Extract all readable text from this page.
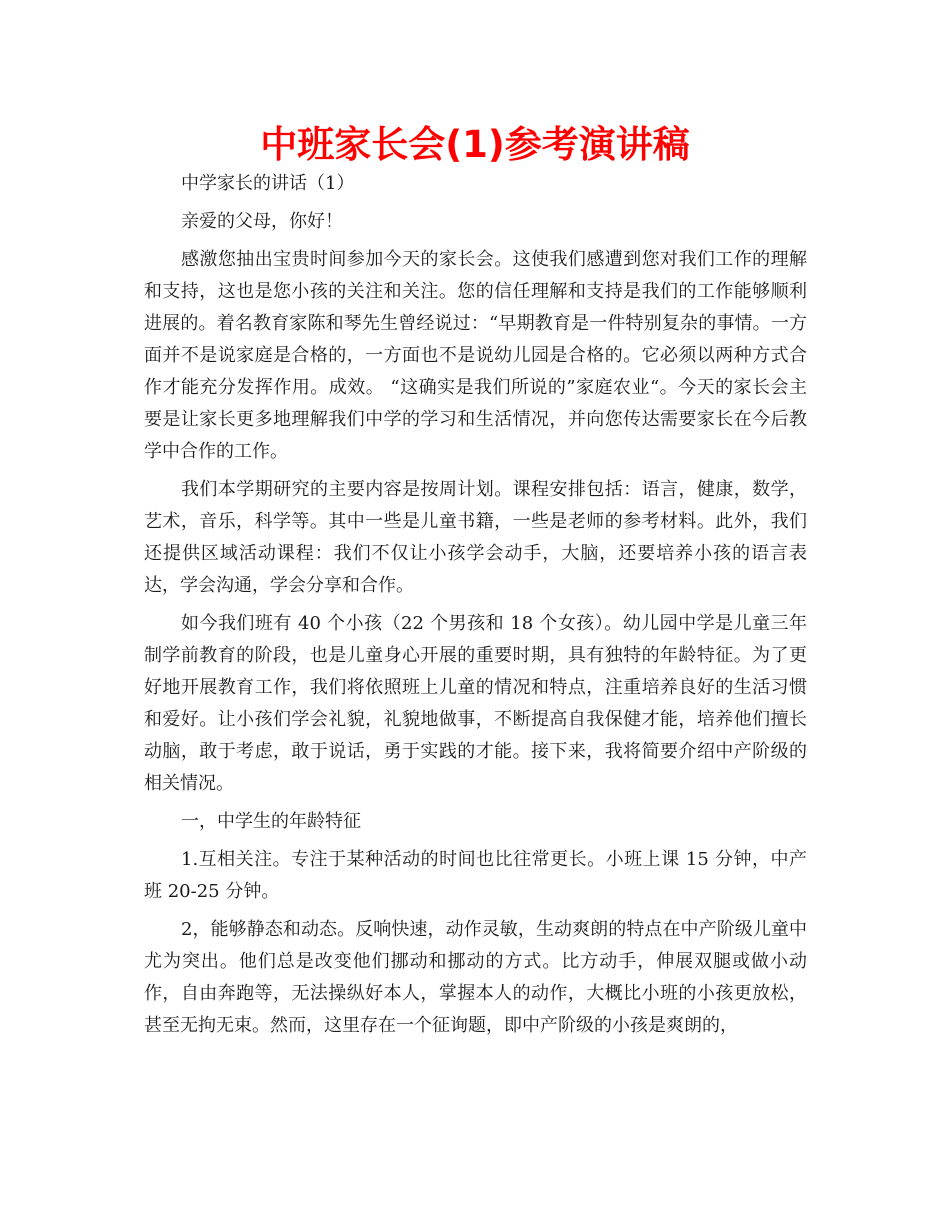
中班家长会(1)参考演讲稿

中学家长的讲话（1）

亲爱的父母，你好！

感激您抽出宝贵时间参加今天的家长会。这使我们感遭到您对我们工作的理解和支持，这也是您小孩的关注和关注。您的信任理解和支持是我们的工作能够顺利进展的。着名教育家陈和琴先生曾经说过：“早期教育是一件特别复杂的事情。一方面并不是说家庭是合格的，一方面也不是说幼儿园是合格的。它必须以两种方式合作才能充分发挥作用。成效。 “这确实是我们所说的”家庭农业“。今天的家长会主要是让家长更多地理解我们中学的学习和生活情况，并向您传达需要家长在今后教学中合作的工作。

我们本学期研究的主要内容是按周计划。课程安排包括：语言，健康，数学，艺术，音乐，科学等。其中一些是儿童书籍，一些是老师的参考材料。此外，我们还提供区域活动课程：我们不仅让小孩学会动手，大脑，还要培养小孩的语言表达，学会沟通，学会分享和合作。

如今我们班有 40 个小孩（22 个男孩和 18 个女孩）。幼儿园中学是儿童三年制学前教育的阶段，也是儿童身心开展的重要时期，具有独特的年龄特征。为了更好地开展教育工作，我们将依照班上儿童的情况和特点，注重培养良好的生活习惯和爱好。让小孩们学会礼貌，礼貌地做事，不断提高自我保健才能，培养他们擅长动脑，敢于考虑，敢于说话，勇于实践的才能。接下来，我将简要介绍中产阶级的相关情况。

一，中学生的年龄特征

1.互相关注。专注于某种活动的时间也比往常更长。小班上课 15 分钟，中产班 20-25 分钟。

2，能够静态和动态。反响快速，动作灵敏，生动爽朗的特点在中产阶级儿童中尤为突出。他们总是改变他们挪动和挪动的方式。比方动手，伸展双腿或做小动作，自由奔跑等，无法操纵好本人，掌握本人的动作，大概比小班的小孩更放松，甚至无拘无束。然而，这里存在一个征询题，即中产阶级的小孩是爽朗的，
